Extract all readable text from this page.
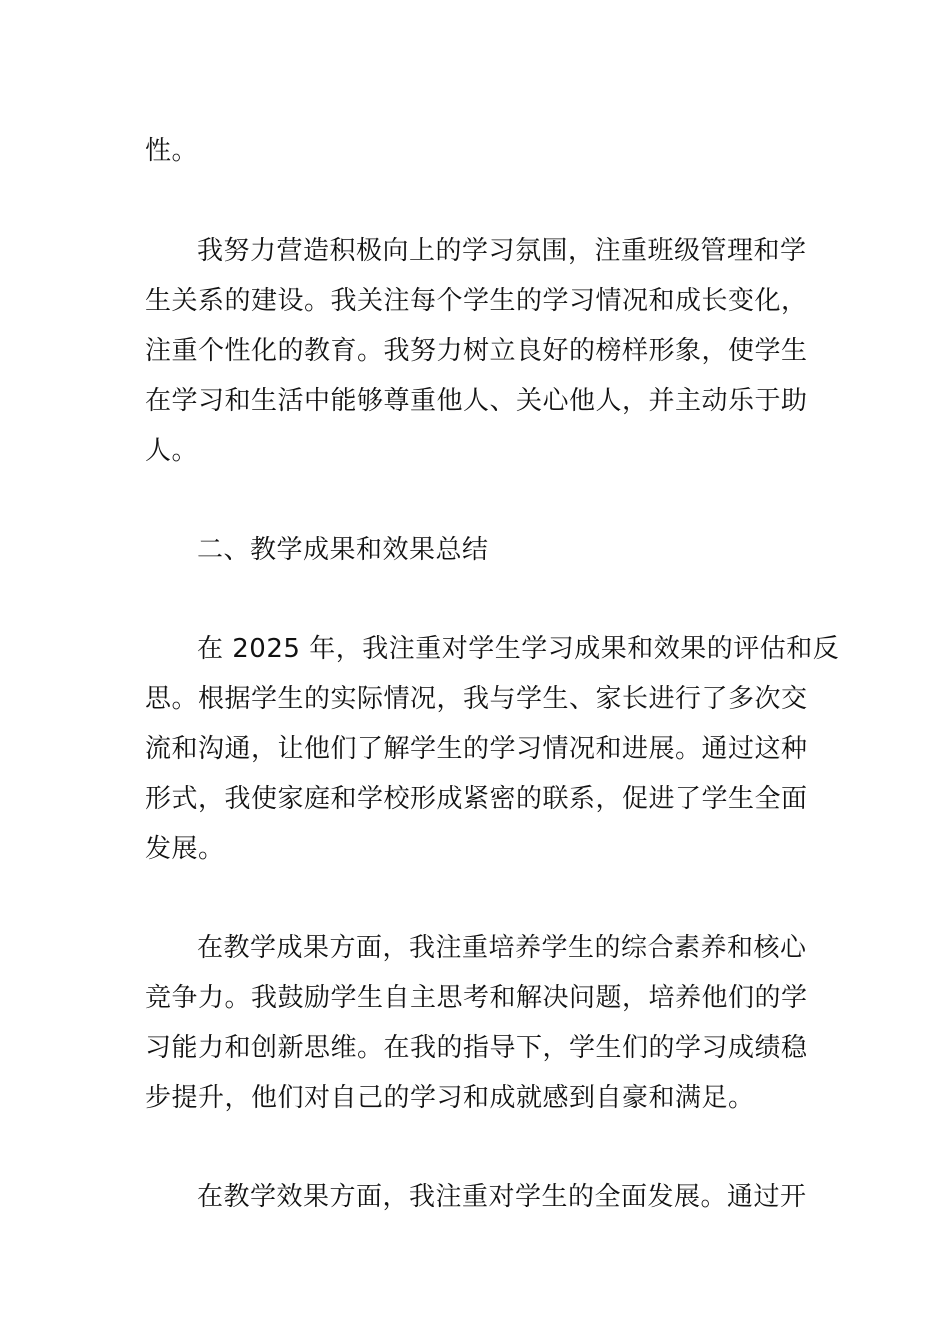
性。
我努力营造积极向上的学习氛围，注重班级管理和学
生关系的建设。我关注每个学生的学习情况和成长变化，
注重个性化的教育。我努力树立良好的榜样形象，使学生
在学习和生活中能够尊重他人、关心他人，并主动乐于助
人。
二、教学成果和效果总结
在 2025 年，我注重对学生学习成果和效果的评估和反
思。根据学生的实际情况，我与学生、家长进行了多次交
流和沟通，让他们了解学生的学习情况和进展。通过这种
形式，我使家庭和学校形成紧密的联系，促进了学生全面
发展。
在教学成果方面，我注重培养学生的综合素养和核心
竞争力。我鼓励学生自主思考和解决问题，培养他们的学
习能力和创新思维。在我的指导下，学生们的学习成绩稳
步提升，他们对自己的学习和成就感到自豪和满足。
在教学效果方面，我注重对学生的全面发展。通过开
